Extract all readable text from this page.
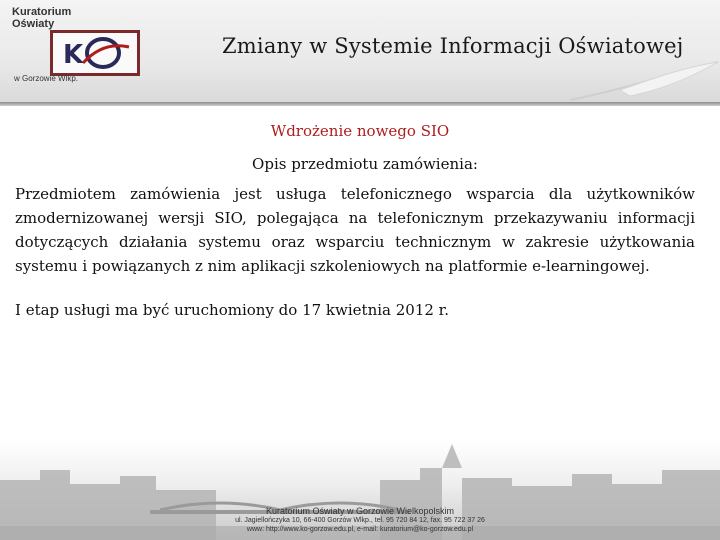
Kuratorium
Oświaty
K
w Gorzowie Wlkp.
Zmiany w Systemie Informacji Oświatowej
Wdrożenie nowego SIO
Opis przedmiotu zamówienia:

Przedmiotem zamówienia jest usługa telefonicznego wsparcia dla użytkowników zmodernizowanej wersji SIO, polegająca na telefonicznym przekazywaniu informacji dotyczących działania systemu oraz wsparciu technicznym w zakresie użytkowania systemu i powiązanych z nim aplikacji szkoleniowych na platformie e-learningowej.

I etap usługi ma być uruchomiony do 17 kwietnia 2012 r.

Kuratorium Oświaty w Gorzowie Wielkopolskim
ul. Jagiellończyka 10, 66-400 Gorzów Wlkp., tel. 95 720 84 12, fax. 95 722 37 26
www: http://www.ko-gorzow.edu.pl, e-mail: kuratorium@ko-gorzow.edu.pl
